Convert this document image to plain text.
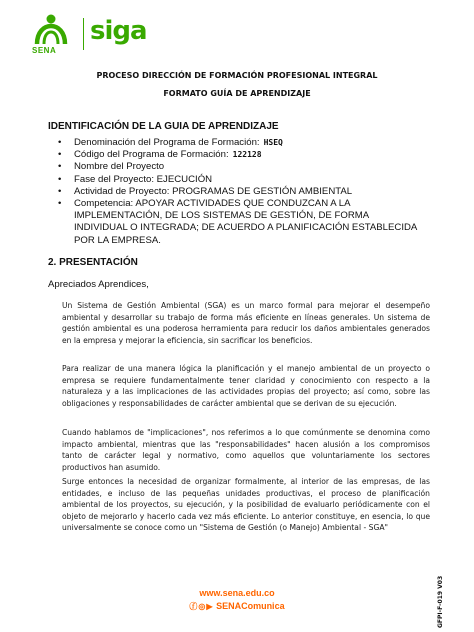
SENA
siga
PROCESO DIRECCIÓN DE FORMACIÓN PROFESIONAL INTEGRAL
FORMATO GUÍA DE APRENDIZAJE
IDENTIFICACIÓN DE LA GUIA DE APRENDIZAJE
• Denominación del Programa de Formación: HSEQ
• Código del Programa de Formación: 122128
• Nombre del Proyecto
• Fase del Proyecto: EJECUCIÓN
• Actividad de Proyecto: PROGRAMAS DE GESTIÓN AMBIENTAL
• Competencia: APOYAR ACTIVIDADES QUE CONDUZCAN A LA IMPLEMENTACIÓN, DE LOS SISTEMAS DE GESTIÓN, DE FORMA INDIVIDUAL O INTEGRADA; DE ACUERDO A PLANIFICACIÓN ESTABLECIDA POR LA EMPRESA.
2. PRESENTACIÓN
Apreciados Aprendices,

Un Sistema de Gestión Ambiental (SGA) es un marco formal para mejorar el desempeño ambiental y desarrollar su trabajo de forma más eficiente en líneas generales. Un sistema de gestión ambiental es una poderosa herramienta para reducir los daños ambientales generados en la empresa y mejorar la eficiencia, sin sacrificar los beneficios.

Para realizar de una manera lógica la planificación y el manejo ambiental de un proyecto o empresa se requiere fundamentalmente tener claridad y conocimiento con respecto a la naturaleza y a las implicaciones de las actividades propias del proyecto; así como, sobre las obligaciones y responsabilidades de carácter ambiental que se derivan de su ejecución.

Cuando hablamos de "implicaciones", nos referimos a lo que comúnmente se denomina como impacto ambiental, mientras que las "responsabilidades" hacen alusión a los compromisos tanto de carácter legal y normativo, como aquellos que voluntariamente los sectores productivos han asumido.

Surge entonces la necesidad de organizar formalmente, al interior de las empresas, de las entidades, e incluso de las pequeñas unidades productivas, el proceso de planificación ambiental de los proyectos, su ejecución, y la posibilidad de evaluarlo periódicamente con el objeto de mejorarlo y hacerlo cada vez más eficiente. Lo anterior constituye, en esencia, lo que universalmente se conoce como un "Sistema de Gestión (o Manejo) Ambiental - SGA"

www.sena.edu.co
ⓕ◎▶ SENAComunica	GFPI-F-019 V03
